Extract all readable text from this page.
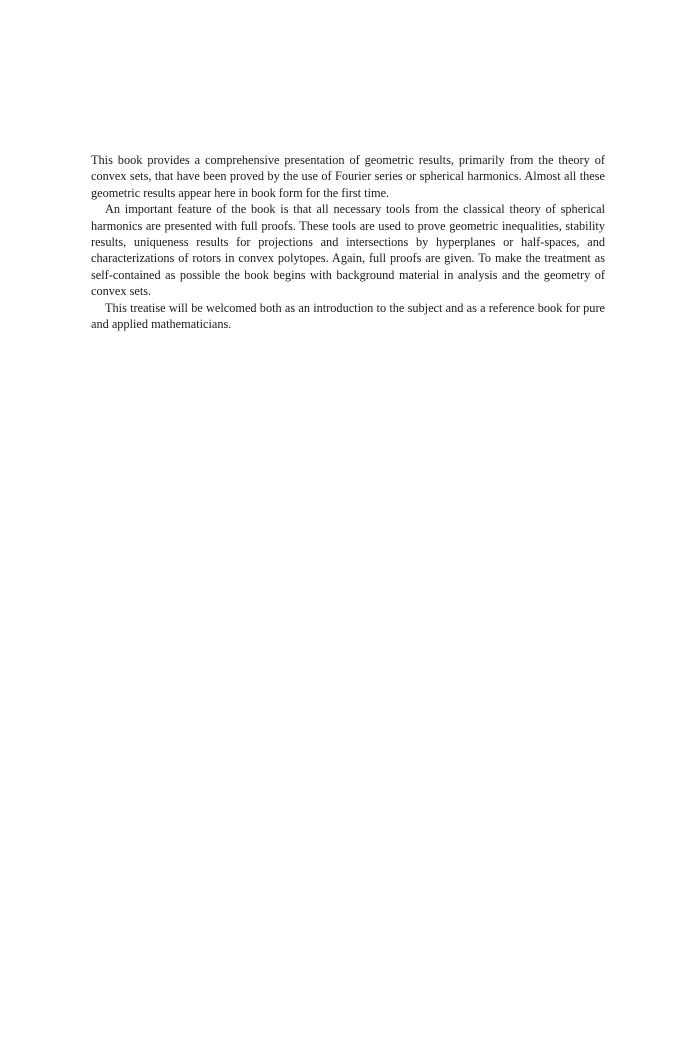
This book provides a comprehensive presentation of geometric results, primarily from the theory of convex sets, that have been proved by the use of Fourier series or spherical harmonics. Almost all these geometric results appear here in book form for the first time.

An important feature of the book is that all necessary tools from the classical theory of spherical harmonics are presented with full proofs. These tools are used to prove geometric inequalities, stability results, uniqueness results for projections and intersections by hyperplanes or half-spaces, and characterizations of rotors in convex polytopes. Again, full proofs are given. To make the treatment as self-contained as possible the book begins with background material in analysis and the geometry of convex sets.

This treatise will be welcomed both as an introduction to the subject and as a reference book for pure and applied mathematicians.
